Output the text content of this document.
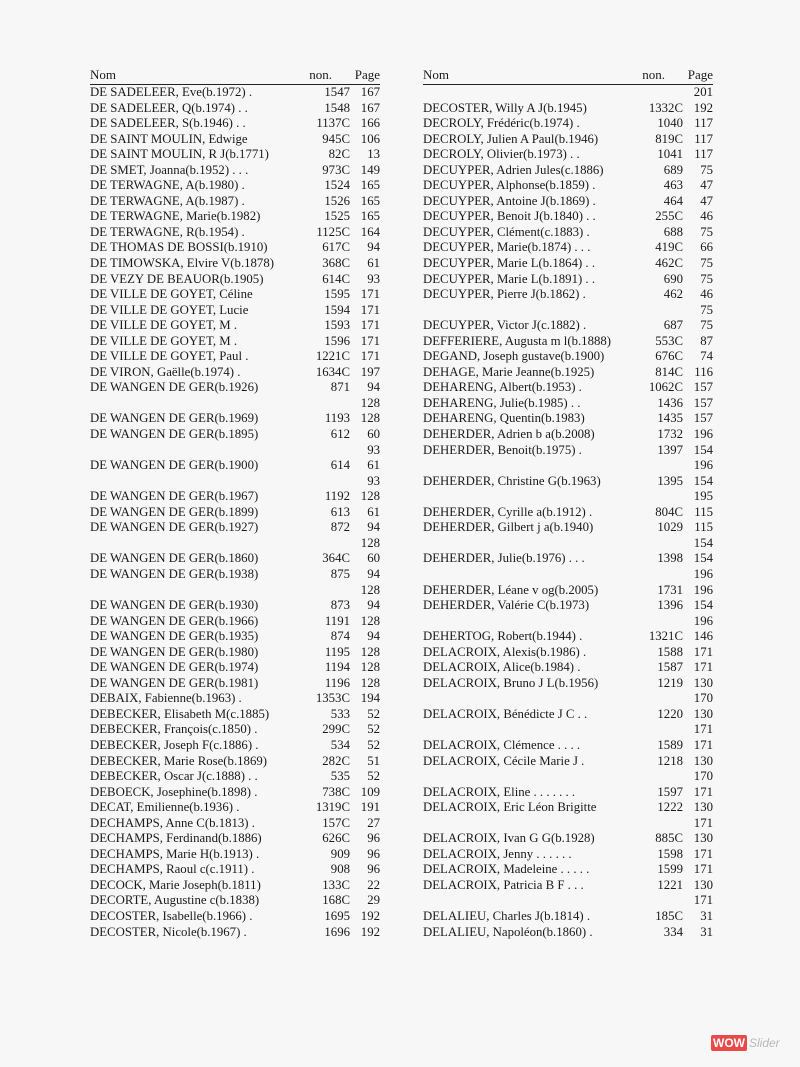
Nom	non. Page
DE SADELEER, Eve(b.1972) .	1547 167
DE SADELEER, Q(b.1974) . .	1548 167
DE SADELEER, S(b.1946) . .	1137C 166
DE SAINT MOULIN, Edwige	945C 106
DE SAINT MOULIN, R J(b.1771)	82C 13
DE SMET, Joanna(b.1952) . . .	973C 149
DE TERWAGNE, A(b.1980) .	1524 165
DE TERWAGNE, A(b.1987) .	1526 165
DE TERWAGNE, Marie(b.1982)	1525 165
DE TERWAGNE, R(b.1954) .	1125C 164
DE THOMAS DE BOSSI(b.1910)	617C 94
DE TIMOWSKA, Elvire V(b.1878)	368C 61
DE VEZY DE BEAUOR(b.1905)	614C 93
DE VILLE DE GOYET, Céline	1595 171
DE VILLE DE GOYET, Lucie	1594 171
DE VILLE DE GOYET, M .	1593 171
DE VILLE DE GOYET, M .	1596 171
DE VILLE DE GOYET, Paul .	1221C 171
DE VIRON, Gaëlle(b.1974) .	1634C 197
DE WANGEN DE GER(b.1926)	871 94
128
DE WANGEN DE GER(b.1969)	1193 128
DE WANGEN DE GER(b.1895)	612 60
93
DE WANGEN DE GER(b.1900)	614 61
93
DE WANGEN DE GER(b.1967)	1192 128
DE WANGEN DE GER(b.1899)	613 61
DE WANGEN DE GER(b.1927)	872 94
128
DE WANGEN DE GER(b.1860)	364C 60
DE WANGEN DE GER(b.1938)	875 94
128
DE WANGEN DE GER(b.1930)	873 94
DE WANGEN DE GER(b.1966)	1191 128
DE WANGEN DE GER(b.1935)	874 94
DE WANGEN DE GER(b.1980)	1195 128
DE WANGEN DE GER(b.1974)	1194 128
DE WANGEN DE GER(b.1981)	1196 128
DEBAIX, Fabienne(b.1963) .	1353C 194
DEBECKER, Elisabeth M(c.1885)	533 52
DEBECKER, François(c.1850) .	299C 52
DEBECKER, Joseph F(c.1886) .	534 52
DEBECKER, Marie Rose(b.1869)	282C 51
DEBECKER, Oscar J(c.1888) . .	535 52
DEBOECK, Josephine(b.1898) .	738C 109
DECAT, Emilienne(b.1936) .	1319C 191
DECHAMPS, Anne C(b.1813) .	157C 27
DECHAMPS, Ferdinand(b.1886)	626C 96
DECHAMPS, Marie H(b.1913) .	909 96
DECHAMPS, Raoul c(c.1911) .	908 96
DECOCK, Marie Joseph(b.1811)	133C 22
DECORTE, Augustine c(b.1838)	168C 29
DECOSTER, Isabelle(b.1966) .	1695 192
DECOSTER, Nicole(b.1967) .	1696 192
Nom	non. Page
201
DECOSTER, Willy A J(b.1945)	1332C 192
DECROLY, Frédéric(b.1974) .	1040 117
DECROLY, Julien A Paul(b.1946)	819C 117
DECROLY, Olivier(b.1973) . .	1041 117
DECUYPER, Adrien Jules(c.1886)	689 75
DECUYPER, Alphonse(b.1859) .	463 47
DECUYPER, Antoine J(b.1869) .	464 47
DECUYPER, Benoit J(b.1840) . .	255C 46
DECUYPER, Clément(c.1883) .	688 75
DECUYPER, Marie(b.1874) . . .	419C 66
DECUYPER, Marie L(b.1864) . .	462C 75
DECUYPER, Marie L(b.1891) . .	690 75
DECUYPER, Pierre J(b.1862) .	462 46
75
DECUYPER, Victor J(c.1882) .	687 75
DEFFERIERE, Augusta m l(b.1888)	553C 87
DEGAND, Joseph gustave(b.1900)	676C 74
DEHAGE, Marie Jeanne(b.1925)	814C 116
DEHARENG, Albert(b.1953) .	1062C 157
DEHARENG, Julie(b.1985) . .	1436 157
DEHARENG, Quentin(b.1983)	1435 157
DEHERDER, Adrien b a(b.2008)	1732 196
DEHERDER, Benoit(b.1975) .	1397 154
196
DEHERDER, Christine G(b.1963)	1395 154
195
DEHERDER, Cyrille a(b.1912) .	804C 115
DEHERDER, Gilbert j a(b.1940)	1029 115
154
DEHERDER, Julie(b.1976) . . .	1398 154
196
DEHERDER, Léane v og(b.2005)	1731 196
DEHERDER, Valérie C(b.1973)	1396 154
196
DEHERTOG, Robert(b.1944) .	1321C 146
DELACROIX, Alexis(b.1986) .	1588 171
DELACROIX, Alice(b.1984) .	1587 171
DELACROIX, Bruno J L(b.1956)	1219 130
170
DELACROIX, Bénédicte J C . .	1220 130
171
DELACROIX, Clémence . . . .	1589 171
DELACROIX, Cécile Marie J .	1218 130
170
DELACROIX, Eline . . . . . . .	1597 171
DELACROIX, Eric Léon Brigitte	1222 130
171
DELACROIX, Ivan G G(b.1928)	885C 130
DELACROIX, Jenny . . . . . .	1598 171
DELACROIX, Madeleine . . . . .	1599 171
DELACROIX, Patricia B F . . .	1221 130
171
DELALIEU, Charles J(b.1814) .	185C 31
DELALIEU, Napoléon(b.1860) .	334 31
WOW Slider
